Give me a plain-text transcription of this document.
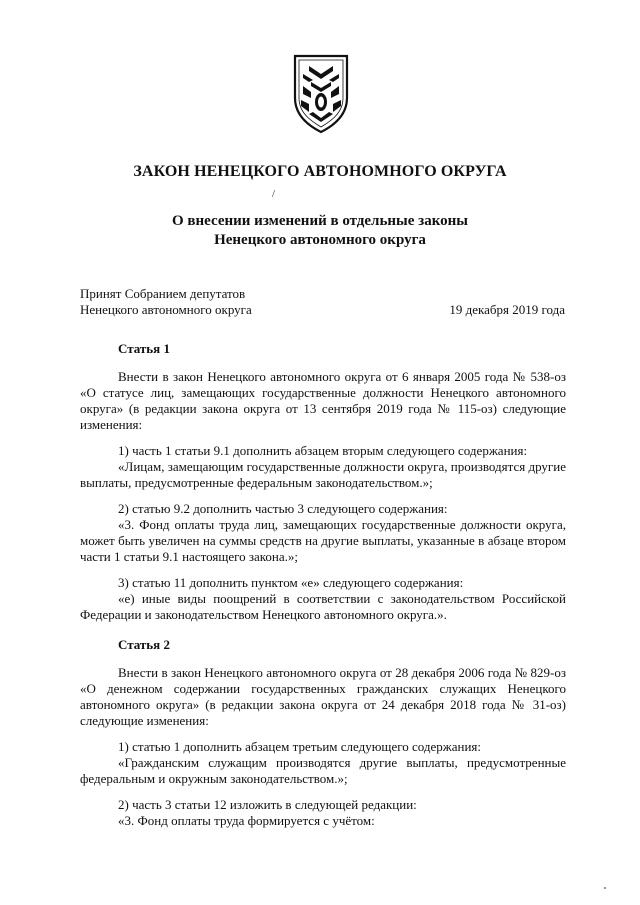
ЗАКОН НЕНЕЦКОГО АВТОНОМНОГО ОКРУГА
/
О внесении изменений в отдельные законы
Ненецкого автономного округа
Принят Собранием депутатов
Ненецкого автономного округа	19 декабря 2019 года
Статья 1

Внести в закон Ненецкого автономного округа от 6 января 2005 года № 538-оз «О статусе лиц, замещающих государственные должности Ненецкого автономного округа» (в редакции закона округа от 13 сентября 2019 года № 115-оз) следующие изменения:

1) часть 1 статьи 9.1 дополнить абзацем вторым следующего содержания:

«Лицам, замещающим государственные должности округа, производятся другие выплаты, предусмотренные федеральным законодательством.»;

2) статью 9.2 дополнить частью 3 следующего содержания:

«3. Фонд оплаты труда лиц, замещающих государственные должности округа, может быть увеличен на суммы средств на другие выплаты, указанные в абзаце втором части 1 статьи 9.1 настоящего закона.»;

3) статью 11 дополнить пунктом «е» следующего содержания:

«е) иные виды поощрений в соответствии с законодательством Российской Федерации и законодательством Ненецкого автономного округа.».

Статья 2

Внести в закон Ненецкого автономного округа от 28 декабря 2006 года № 829-оз «О денежном содержании государственных гражданских служащих Ненецкого автономного округа» (в редакции закона округа от 24 декабря 2018 года № 31-оз) следующие изменения:

1) статью 1 дополнить абзацем третьим следующего содержания:

«Гражданским служащим производятся другие выплаты, предусмотренные федеральным и окружным законодательством.»;

2) часть 3 статьи 12 изложить в следующей редакции:

«3. Фонд оплаты труда формируется с учётом:
